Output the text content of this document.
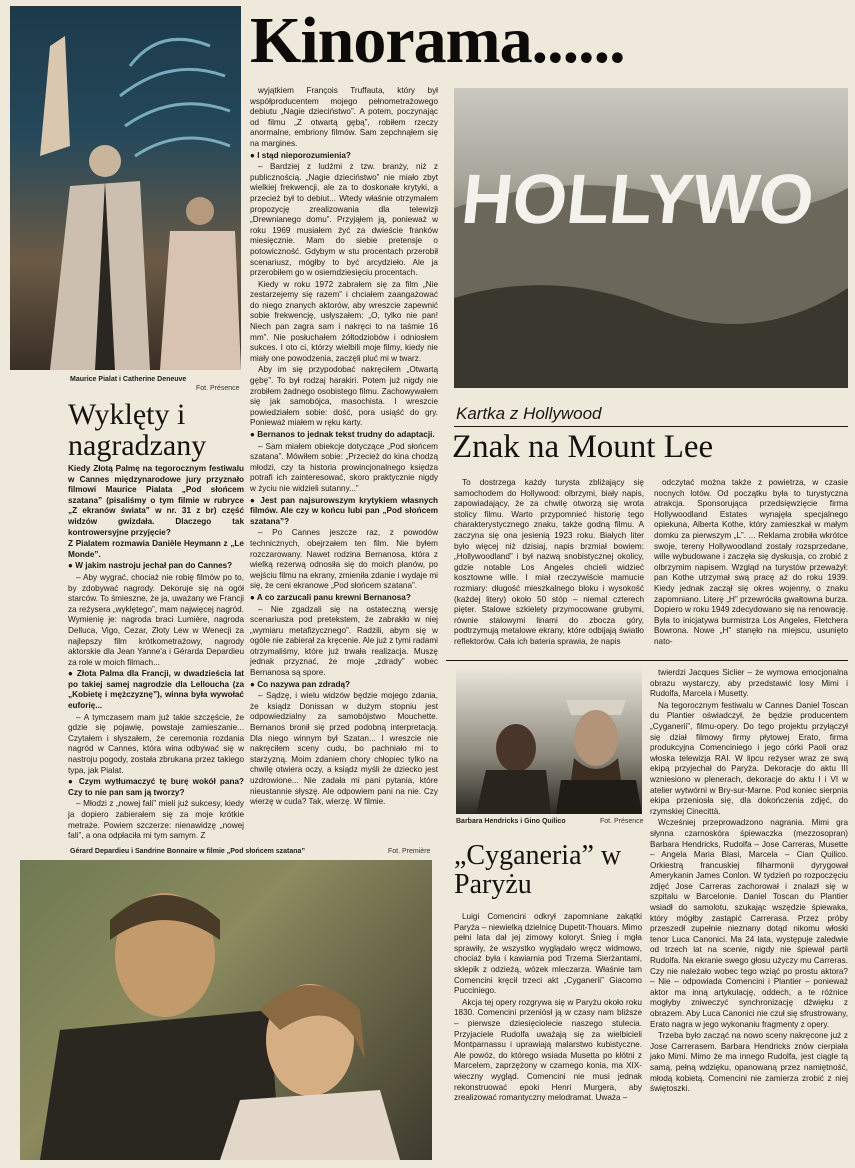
Kinorama......
Maurice Pialat i Catherine Deneuve
Fot. Présence
Wyklęty i nagradzany

Kiedy Złotą Palmę na tegorocznym festiwalu w Cannes międzynarodowe jury przyznało filmowi Maurice Pialata „Pod słońcem szatana” (pisaliśmy o tym filmie w rubryce „Z ekranów świata” w nr. 31 z br) część widzów gwizdała. Dlaczego tak kontrowersyjne przyjęcie?

Z Pialatem rozmawia Danièle Heymann z „Le Monde”.

● W jakim nastroju jechał pan do Cannes?

– Aby wygrać, chociaż nie robię filmów po to, by zdobywać nagrody. Dekoruje się na ogół starców. To śmieszne, że ja, uważany we Francji za reżysera „wyklętego”, mam najwięcej nagród. Wymienię je: nagroda braci Lumière, nagroda Delluca, Vigo, Cezar, Złoty Lew w Wenecji za najlepszy film krótkometrażowy, nagrody aktorskie dla Jean Yanne'a i Gérarda Depardieu za role w moich filmach...

● Złota Palma dla Francji, w dwadzieścia lat po takiej samej nagrodzie dla Lelloucha (za „Kobietę i mężczyznę”), winna była wywołać euforię...

– A tymczasem mam już takie szczęście, że gdzie się pojawię, powstaje zamieszanie... Czytałem i słyszałem, że ceremonia rozdania nagród w Cannes, która wina odbywać się w nastroju pogody, została zbrukana przez takiego typa, jak Pialat.

● Czym wytłumaczyć tę burę wokół pana? Czy to nie pan sam ją tworzy?

– Młodzi z „nowej fali” mieli już sukcesy, kiedy ja dopiero zabierałem się za moje krótkie metraże. Powiem szczerze: nienawidzę „nowej fali”, a ona odpłaciła mi tym samym. Z

wyjątkiem François Truffauta, który był współproducentem mojego pełnometrażowego debiutu „Nagie dzieciństwo”. A potem, poczynając od filmu „Z otwartą gębą”, robiłem rzeczy anormalne, embriony filmów. Sam zepchnąłem się na margines.

● I stąd nieporozumienia?

– Bardziej z ludźmi z tzw. branży, niż z publicznością. „Nagie dzieciństwo” nie miało zbyt wielkiej frekwencji, ale za to doskonałe krytyki, a przecież był to debiut... Wtedy właśnie otrzymałem propozycję zrealizowania dla telewizji „Drewnianego domu”. Przyjąłem ją, ponieważ w roku 1969 musiałem żyć za dwieście franków miesięcznie. Mam do siebie pretensje o potowiczność. Gdybym w stu procentach przerobił scenariusz, mógłby to być arcydzieło. Ale ja przerobiłem go w osiemdziesięciu procentach.

Kiedy w roku 1972 zabrałem się za film „Nie zestarzejemy się razem” i chciałem zaangażować do niego znanych aktorów, aby wreszcie zapewnić sobie frekwencję, usłyszałem: „O, tylko nie pan! Niech pan zagra sam i nakręci to na taśmie 16 mm”. Nie posłuchałem żółtodziobów i odniosłem sukces. I oto ci, którzy wielbili moje filmy, kiedy nie miały one powodzenia, zaczęli pluć mi w twarz.

Aby im się przypodobać nakręciłem „Otwartą gębę”. To był rodzaj harakiri. Potem już nigdy nie zrobiłem żadnego osobistego filmu. Zachowywałem się jak samobójca, masochista. I wreszcie powiedziałem sobie: dość, pora usiąść do gry. Ponieważ miałem w ręku karty.

● Bernanos to jednak tekst trudny do adaptacji.

– Sam miałem obiekcje dotyczące „Pod słońcem szatana”. Mówiłem sobie: „Przecież do kina chodzą młodzi, czy ta historia prowincjonalnego księdza potrafi ich zainteresować, skoro praktycznie nigdy w życiu nie widzieli sutanny...”

● Jest pan najsurowszym krytykiem własnych filmów. Ale czy w końcu lubi pan „Pod słońcem szatana”?

– Po Cannes jeszcze raz, z powodów technicznych, obejrzałem ten film. Nie byłem rozczarowany. Nawet rodzina Bernanosa, która z wielką rezerwą odnosiła się do moich planów, po wejściu filmu na ekrany, zmieniła zdanie i wydaje mi się, że ceni ekranowe „Pod słońcem szatana”.

● A co zarzucali panu krewni Bernanosa?

– Nie zgadzali się na ostateczną wersję scenariusza pod pretekstem, że zabrakło w niej „wymiaru metafizycznego”. Radzili, abym się w ogóle nie zabierał za kręcenie. Ale już z tymi radami otrzymaliśmy, które już trwała realizacja. Muszę jednak przyznać, że moje „zdrady” wobec Bernanosa są spore.

● Co nazywa pan zdradą?

– Sądzę, i wielu widzów będzie mojego zdania, że ksiądz Donissan w dużym stopniu jest odpowiedzialny za samobójstwo Mouchette. Bernanos bronił się przed podobną interpretacją. Dla niego winnym był Szatan... I wreszcie nie nakręciłem sceny cudu, bo pachniało mi to starzyzną. Moim zdaniem chory chłopiec tylko na chwilę otwiera oczy, a ksiądz myśli że dziecko jest uzdrowione... Nie zadała mi pani pytania, które nieustannie słyszę. Ale odpowiem pani na nie. Czy wierzę w cuda? Tak, wierzę. W filmie.

Gérard Depardieu i Sandrine Bonnaire w filmie „Pod słońcem szatana”	Fot. Première
HOLLYWO
Kartka z Hollywood
Znak na Mount Lee

To dostrzega każdy turysta zbliżający się samochodem do Hollywood: olbrzymi, biały napis, zapowiadający, że za chwilę otworzą się wrota stolicy filmu. Warto przypomnieć historię tego charakterystycznego znaku, także godną filmu. A zaczyna się ona jesienią 1923 roku. Białych liter było więcej niż dzisiaj, napis brzmiał bowiem: „Hollywoodland” i był nazwą snobistycznej okolicy, gdzie notable Los Angeles chcieli widzieć kosztowne wille. I miał rzeczywiście mamucie rozmiary: długość mieszkalnego bloku i wysokość (każdej litery) około 50 stóp – niemal czterech pięter. Stalowe szkielety przymocowane grubymi, równie stalowymi linami do zbocza góry, podtrzymują metalowe ekrany, które odbijają światło reflektorów. Cała ich bateria sprawia, że napis

odczytać można także z powietrza, w czasie nocnych lotów. Od początku była to turystyczna atrakcja. Sponsorująca przedsięwzięcie firma Hollywoodland Estates wynajęła specjalnego opiekuna, Alberta Kothe, który zamieszkał w małym domku za pierwszym „L”. ... Reklama zrobiła wkrótce swoje, tereny Hollywoodland zostały rozsprzedane, wille wybudowane i zaczęła się dyskusja, co zrobić z olbrzymim napisem. Wzgląd na turystów przeważył: pan Kothe utrzymał swą pracę aż do roku 1939. Kiedy jednak zaczął się okres wojenny, o znaku zapomniano. Literę „H” przewróciła gwałtowna burza. Dopiero w roku 1949 zdecydowano się na renowację. Była to inicjatywa burmistrza Los Angeles, Fletchera Bowrona. Nowe „H” stanęło na miejscu, usunięto nato-

Barbara Hendricks i Gino Quilico	Fot. Présence
„Cyganeria” w Paryżu

Luigi Comencini odkrył zapomniane zakątki Paryża – niewielką dzielnicę Dupetit-Thouars. Mimo pełni lata dał jej zimowy koloryt. Śnieg i mgła sprawiły, że wszystko wyglądało wręcz widmowo, chociaż była i kawiarnia pod Trzema Sierżantami, sklepik z odzieżą, wózek mleczarza. Właśnie tam Comencini kręcił trzeci akt „Cyganerii” Giacomo Pucciniego.

Akcja tej opery rozgrywa się w Paryżu około roku 1830. Comencini przeniósł ją w czasy nam bliższe – pierwsze dziesięciolecie naszego stulecia. Przyjaciele Rudolfa uważają się za wielbicieli Montparnassu i uprawiają malarstwo kubistyczne. Ale powóz, do którego wsiada Musetta po kłótni z Marcelem, zaprzężony w czarnego konia, ma XIX-wieczny wygląd. Comencini nie musi jednak rekonstruować epoki Henri Murgera, aby zrealizować romantyczny melodramat. Uważa –

twierdzi Jacques Siclier – że wymowa emocjonalna obrazu wystarczy, aby przedstawić losy Mimi i Rudolfa, Marcela i Musetty.

Na tegorocznym festiwalu w Cannes Daniel Toscan du Plantier oświadczył, że będzie producentem „Cyganerii”, filmu-opery. Do tego projektu przyłączył się dział filmowy firmy płytowej Erato, firma produkcyjna Comenciniego i jego córki Paoli oraz włoska telewizja RAI. W lipcu reżyser wraz ze swą ekipą przyjechał do Paryża. Dekoracje do aktu III wzniesiono w plenerach, dekoracje do aktu I i VI w atelier wytwórni w Bry-sur-Marne. Pod koniec sierpnia ekipa przeniosła się, dla dokończenia zdjęć, do rzymskiej Cinecittà.

Wcześniej przeprowadzono nagrania. Mimi gra słynna czarnoskóra śpiewaczka (mezzosopran) Barbara Hendricks, Rudolfa – Jose Carreras, Musette – Angela Maria Blasi, Marcela – Cian Quilico. Orkiestrą francuskiej filharmonii dyrygował Amerykanin James Conlon. W tydzień po rozpoczęciu zdjęć Jose Carreras zachorował i znalazł się w szpitalu w Barcelonie. Daniel Toscan du Plantier wsiadł do samolotu, szukając wszędzie śpiewaka, który mógłby zastąpić Carrerasa. Przez próby przeszedł zupełnie nieznany dotąd nikomu włoski tenor Luca Canonici. Ma 24 lata, występuje zaledwie od trzech lat na scenie, nigdy nie śpiewał partii Rudolfa. Na ekranie swego głosu użyczy mu Carreras. Czy nie należało wobec tego wziąć po prostu aktora? – Nie – odpowiada Comencini i Plantier – ponieważ aktor ma inną artykulację, oddech, a te różnice mogłyby zniweczyć synchronizację dźwięku z obrazem. Aby Luca Canonici nie czuł się sfrustrowany, Erato nagra w jego wykonaniu fragmenty z opery.

Trzeba było zacząć na nowo sceny nakręcone już z Jose Carrerasem. Barbara Hendricks znów cierpiała jako Mimi. Mimo że ma innego Rudolfa, jest ciągle tą samą, pełną wdzięku, opanowaną przez namiętność, młodą kobietą. Comencini nie zamierza zrobić z niej świętoszki.
